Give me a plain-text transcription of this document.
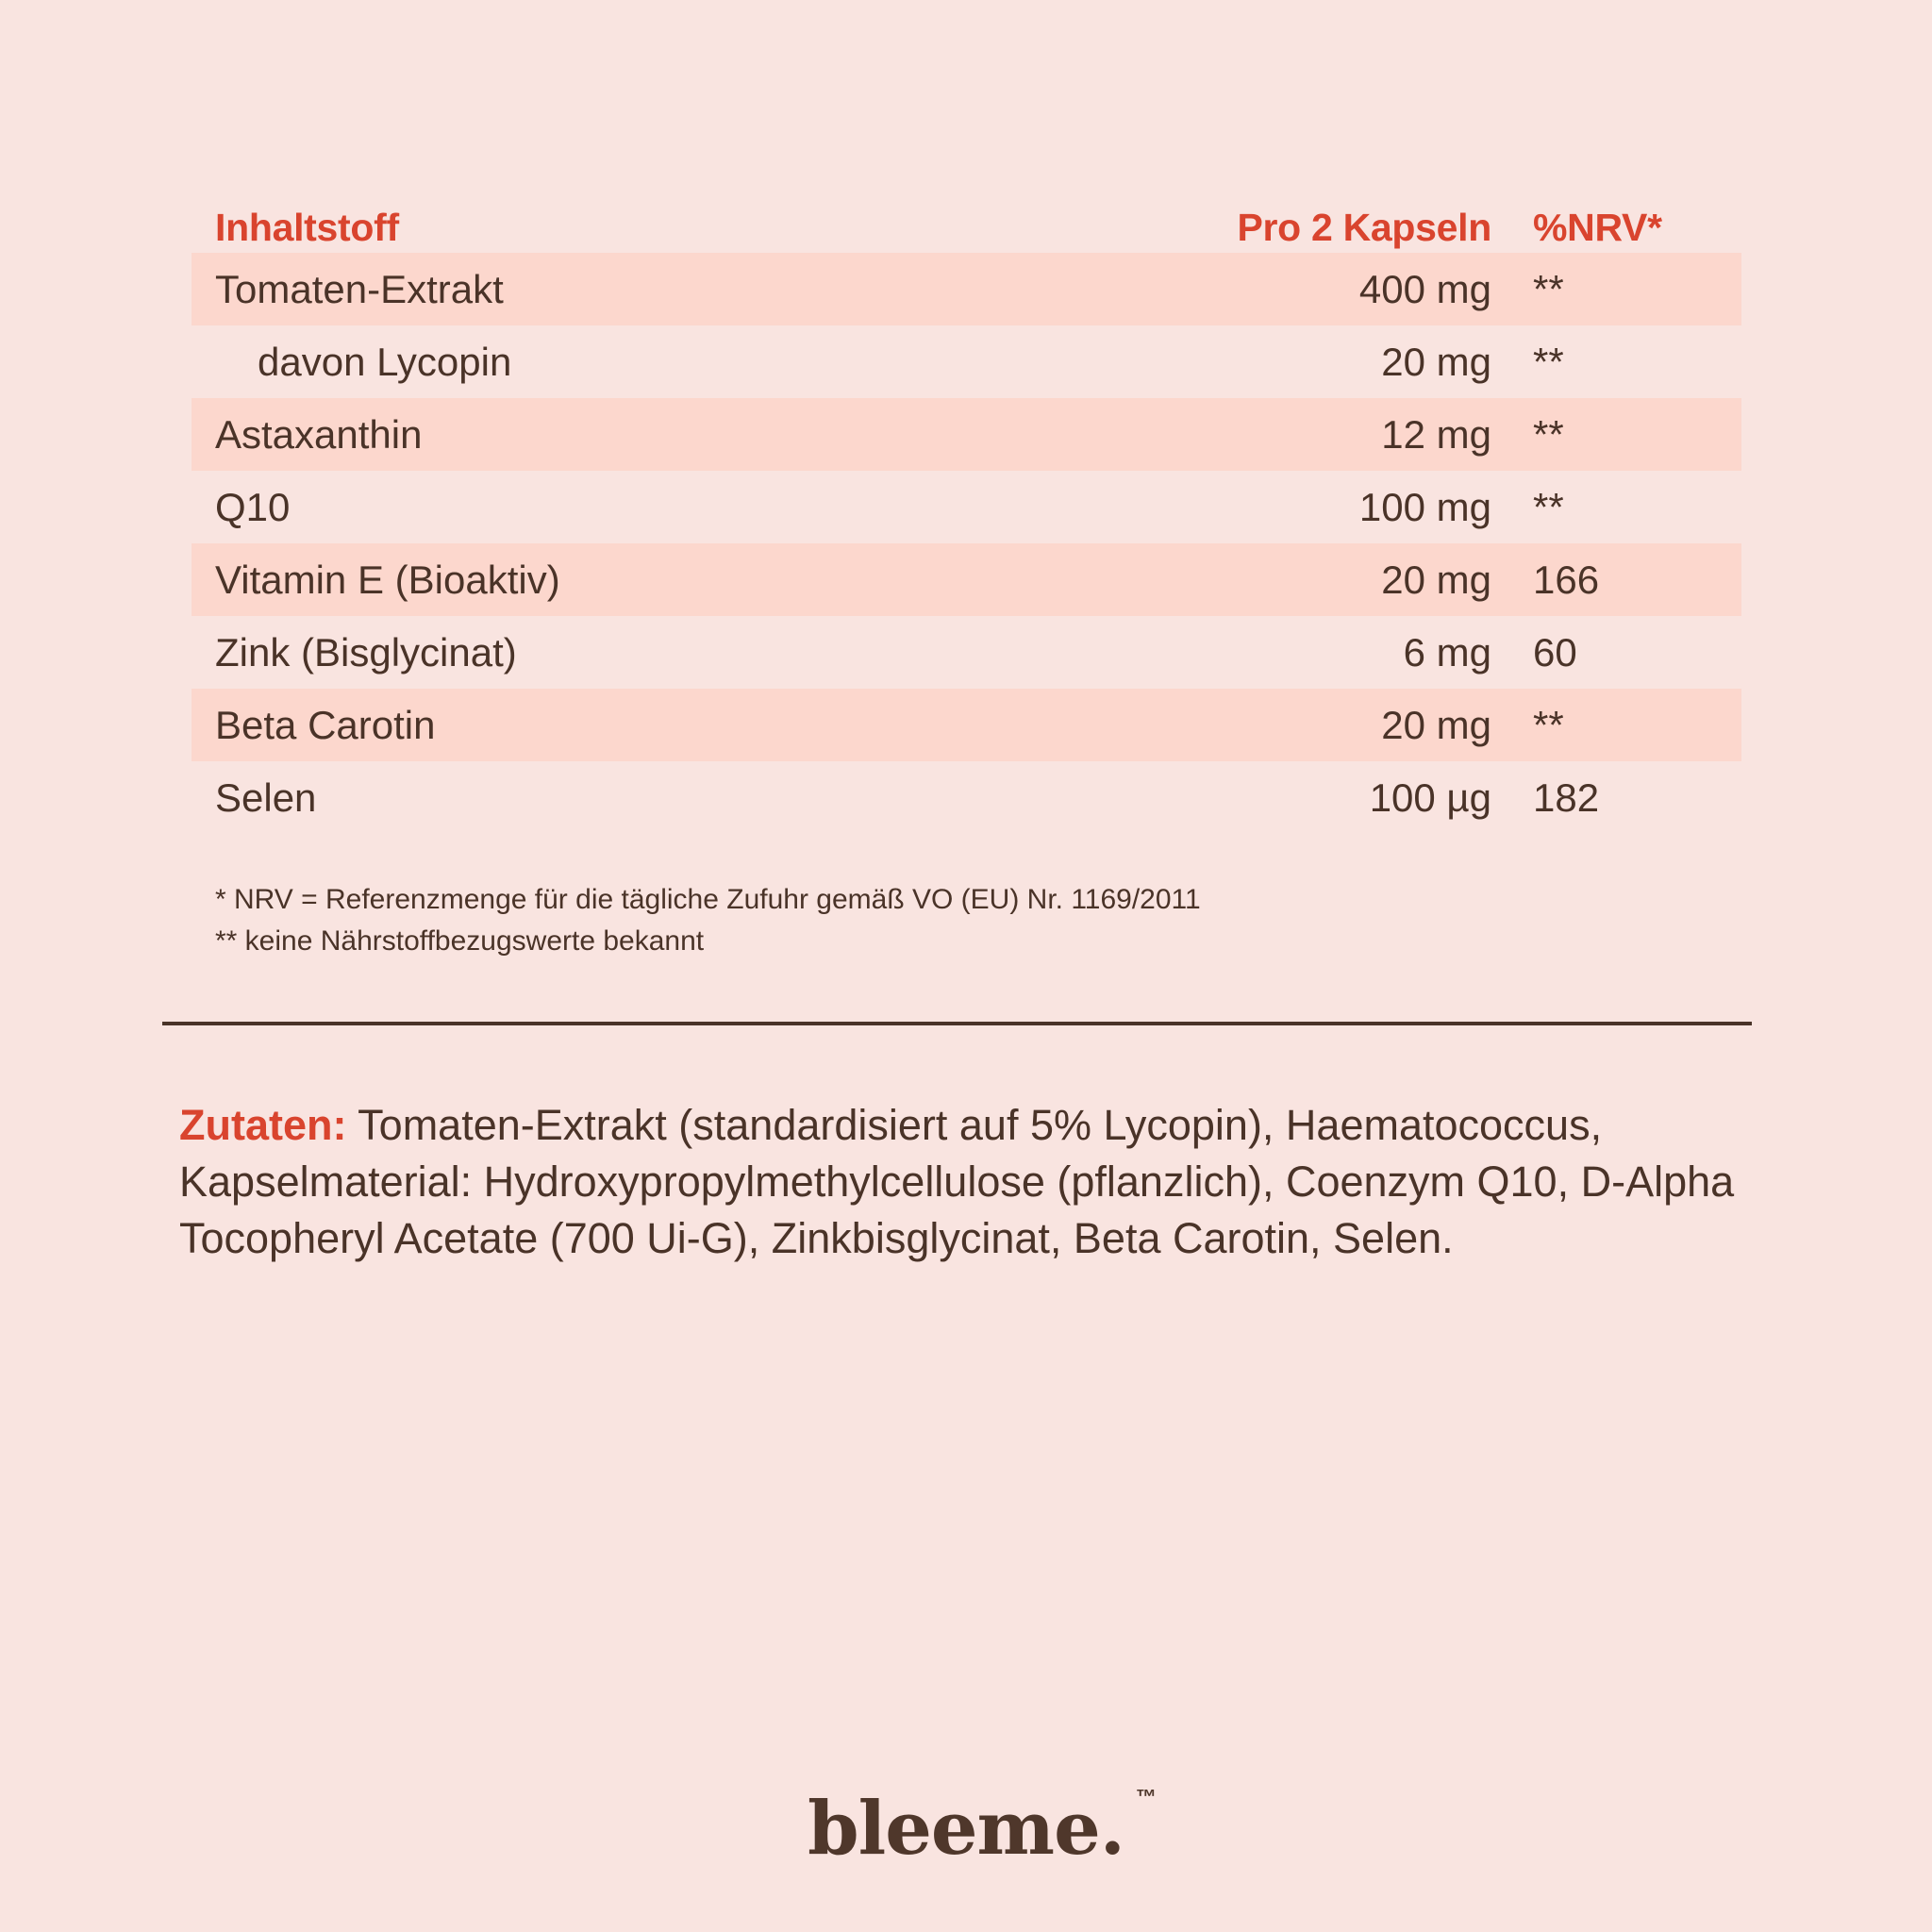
Inhaltstoff	Pro 2 Kapseln	%NRV*
Tomaten-Extrakt	400 mg	**
davon Lycopin	20 mg	**
Astaxanthin	12 mg	**
Q10	100 mg	**
Vitamin E (Bioaktiv)	20 mg	166
Zink (Bisglycinat)	6 mg	60
Beta Carotin	20 mg	**
Selen	100 µg	182
* NRV = Referenzmenge für die tägliche Zufuhr gemäß VO (EU) Nr. 1169/2011
** keine Nährstoffbezugswerte bekannt

Zutaten: Tomaten-Extrakt (standardisiert auf 5% Lycopin), Haematococcus, Kapselmaterial: Hydroxypropylmethylcellulose (pflanzlich), Coenzym Q10, D-Alpha Tocopheryl Acetate (700 Ui-G), Zinkbisglycinat, Beta Carotin, Selen.

bleeme. ™
